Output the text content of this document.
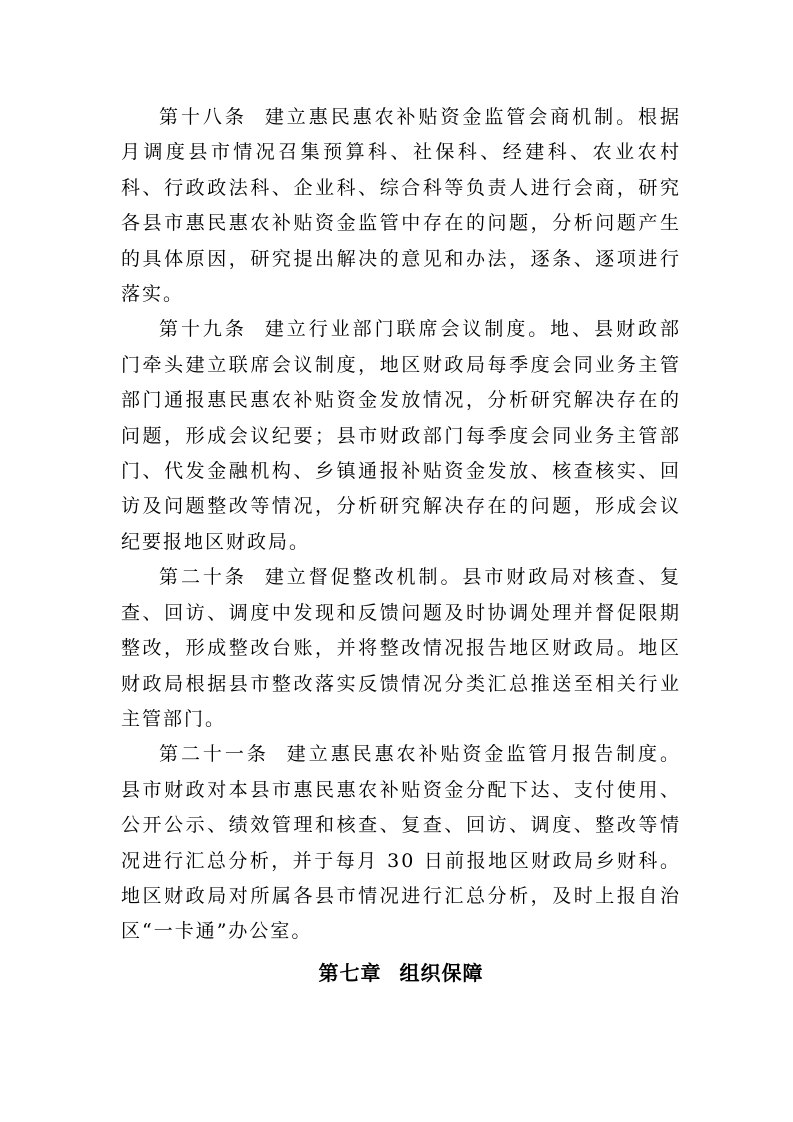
第十八条 建立惠民惠农补贴资金监管会商机制。根据月调度县市情况召集预算科、社保科、经建科、农业农村科、行政政法科、企业科、综合科等负责人进行会商，研究各县市惠民惠农补贴资金监管中存在的问题，分析问题产生的具体原因，研究提出解决的意见和办法，逐条、逐项进行落实。

第十九条 建立行业部门联席会议制度。地、县财政部门牵头建立联席会议制度，地区财政局每季度会同业务主管部门通报惠民惠农补贴资金发放情况，分析研究解决存在的问题，形成会议纪要；县市财政部门每季度会同业务主管部门、代发金融机构、乡镇通报补贴资金发放、核查核实、回访及问题整改等情况，分析研究解决存在的问题，形成会议纪要报地区财政局。

第二十条 建立督促整改机制。县市财政局对核查、复查、回访、调度中发现和反馈问题及时协调处理并督促限期整改，形成整改台账，并将整改情况报告地区财政局。地区财政局根据县市整改落实反馈情况分类汇总推送至相关行业主管部门。

第二十一条 建立惠民惠农补贴资金监管月报告制度。县市财政对本县市惠民惠农补贴资金分配下达、支付使用、公开公示、绩效管理和核查、复查、回访、调度、整改等情况进行汇总分析，并于每月 30 日前报地区财政局乡财科。地区财政局对所属各县市情况进行汇总分析，及时上报自治区“一卡通”办公室。

第七章 组织保障
